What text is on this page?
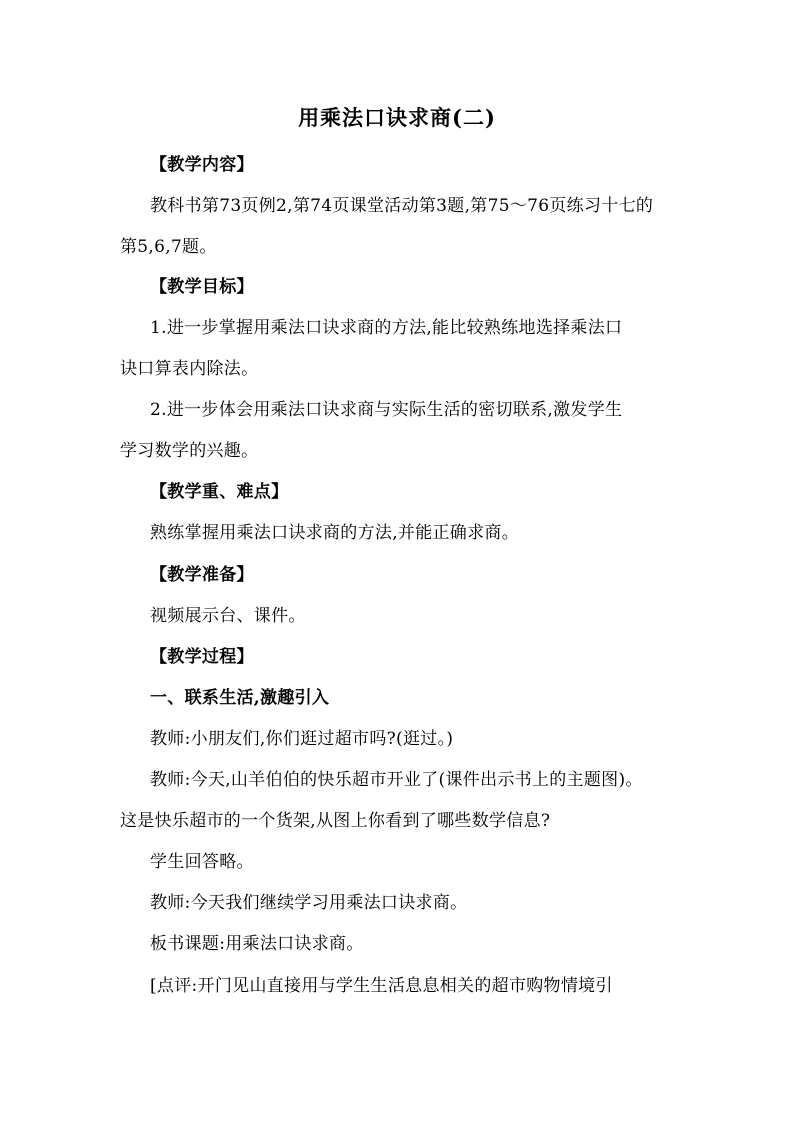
用乘法口诀求商(二)
【教学内容】
教科书第73页例2,第74页课堂活动第3题,第75～76页练习十七的
第5,6,7题。
【教学目标】
1.进一步掌握用乘法口诀求商的方法,能比较熟练地选择乘法口
诀口算表内除法。
2.进一步体会用乘法口诀求商与实际生活的密切联系,激发学生
学习数学的兴趣。
【教学重、难点】
熟练掌握用乘法口诀求商的方法,并能正确求商。
【教学准备】
视频展示台、课件。
【教学过程】
一、联系生活,激趣引入
教师:小朋友们,你们逛过超市吗?(逛过。)
教师:今天,山羊伯伯的快乐超市开业了(课件出示书上的主题图)。
这是快乐超市的一个货架,从图上你看到了哪些数学信息?
学生回答略。
教师:今天我们继续学习用乘法口诀求商。
板书课题:用乘法口诀求商。
[点评:开门见山直接用与学生生活息息相关的超市购物情境引
